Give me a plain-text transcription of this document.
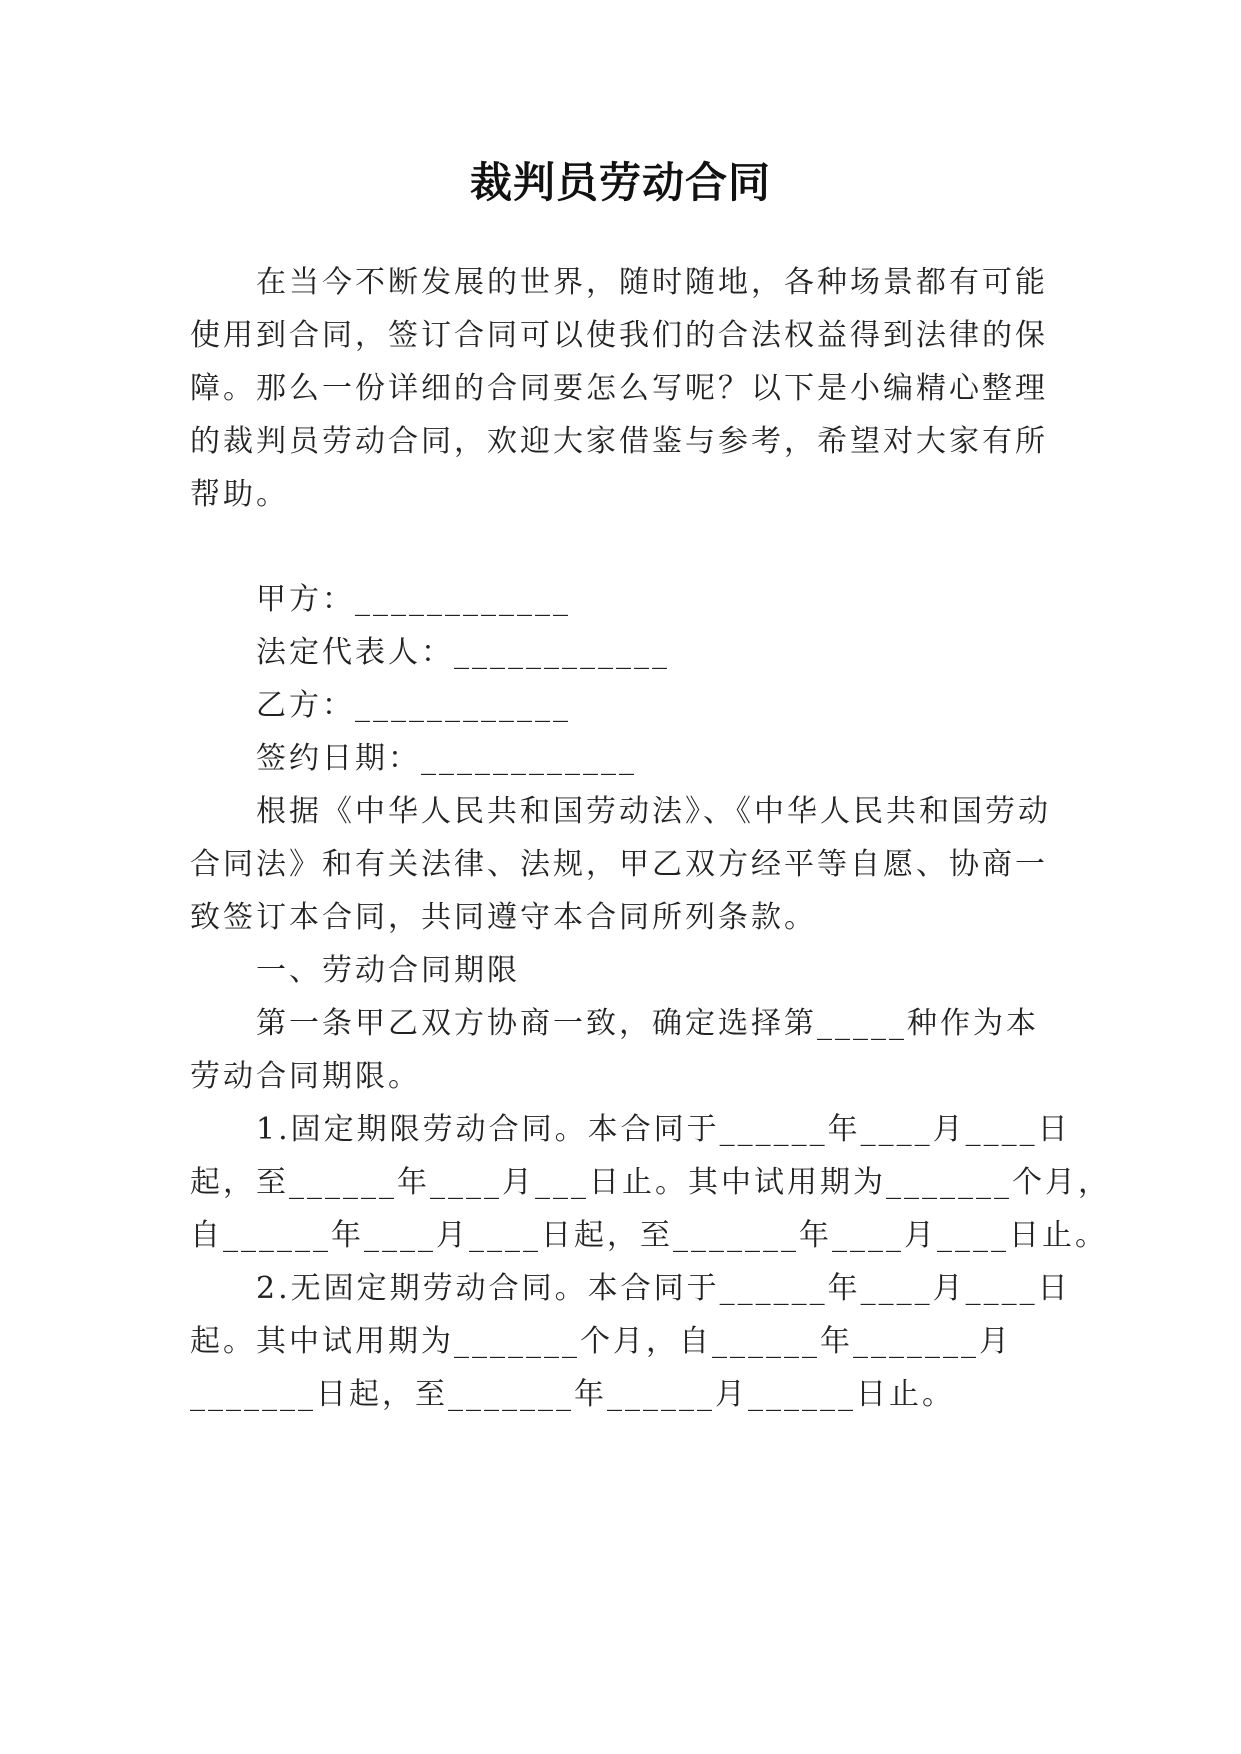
裁判员劳动合同
　　在当今不断发展的世界，随时随地，各种场景都有可能
使用到合同，签订合同可以使我们的合法权益得到法律的保
障。那么一份详细的合同要怎么写呢？以下是小编精心整理
的裁判员劳动合同，欢迎大家借鉴与参考，希望对大家有所
帮助。
　　甲方：____________
　　法定代表人：____________
　　乙方：____________
　　签约日期：____________
　　根据《中华人民共和国劳动法》、《中华人民共和国劳动
合同法》和有关法律、法规，甲乙双方经平等自愿、协商一
致签订本合同，共同遵守本合同所列条款。
　　一、劳动合同期限
　　第一条甲乙双方协商一致，确定选择第_____种作为本
劳动合同期限。
　　1.固定期限劳动合同。本合同于______年____月____日
起，至______年____月___日止。其中试用期为_______个月，
自______年____月____日起，至_______年____月____日止。
　　2.无固定期劳动合同。本合同于______年____月____日
起。其中试用期为_______个月，自______年_______月
_______日起，至_______年______月______日止。
